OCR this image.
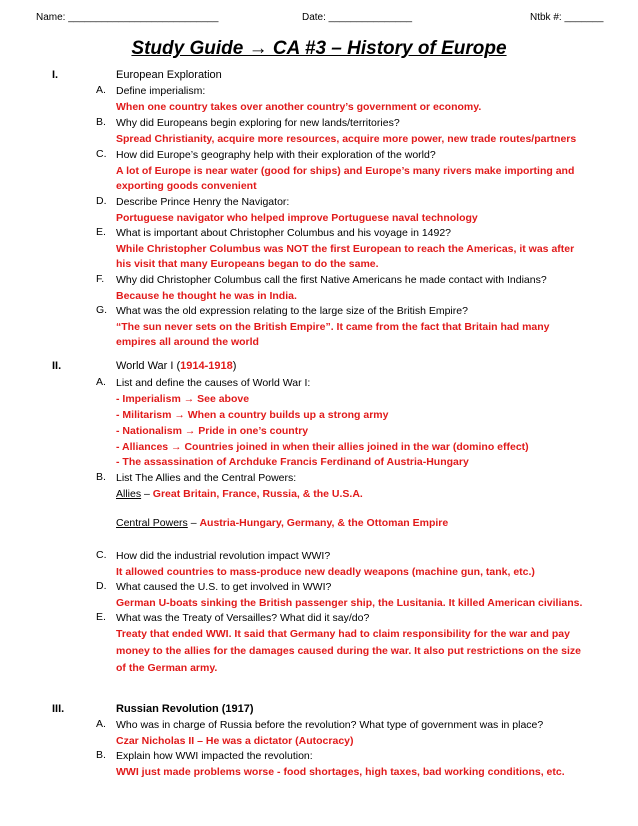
Name: ___________________________	Date: _______________	Ntbk #: _______
Study Guide → CA #3 – History of Europe
I.	European Exploration
A. Define imperialism:
When one country takes over another country’s government or economy.
B. Why did Europeans begin exploring for new lands/territories?
Spread Christianity, acquire more resources, acquire more power, new trade routes/partners
C. How did Europe’s geography help with their exploration of the world?
A lot of Europe is near water (good for ships) and Europe’s many rivers make importing and
exporting goods convenient
D. Describe Prince Henry the Navigator:
Portuguese navigator who helped improve Portuguese naval technology
E. What is important about Christopher Columbus and his voyage in 1492?
While Christopher Columbus was NOT the first European to reach the Americas, it was after
his visit that many Europeans began to do the same.
F. Why did Christopher Columbus call the first Native Americans he made contact with Indians?
Because he thought he was in India.
G. What was the old expression relating to the large size of the British Empire?
“The sun never sets on the British Empire”. It came from the fact that Britain had many
empires all around the world
II.	World War I (1914-1918)
A. List and define the causes of World War I:
- Imperialism → See above
- Militarism → When a country builds up a strong army
- Nationalism → Pride in one’s country
- Alliances → Countries joined in when their allies joined in the war (domino effect)
- The assassination of Archduke Francis Ferdinand of Austria-Hungary
B. List The Allies and the Central Powers:
Allies – Great Britain, France, Russia, & the U.S.A.
Central Powers – Austria-Hungary, Germany, & the Ottoman Empire
C. How did the industrial revolution impact WWI?
It allowed countries to mass-produce new deadly weapons (machine gun, tank, etc.)
D. What caused the U.S. to get involved in WWI?
German U-boats sinking the British passenger ship, the Lusitania. It killed American civilians.
E. What was the Treaty of Versailles? What did it say/do?
Treaty that ended WWI. It said that Germany had to claim responsibility for the war and pay
money to the allies for the damages caused during the war. It also put restrictions on the size
of the German army.
III.	Russian Revolution (1917)
A. Who was in charge of Russia before the revolution? What type of government was in place?
Czar Nicholas II – He was a dictator (Autocracy)
B. Explain how WWI impacted the revolution:
WWI just made problems worse - food shortages, high taxes, bad working conditions, etc.
